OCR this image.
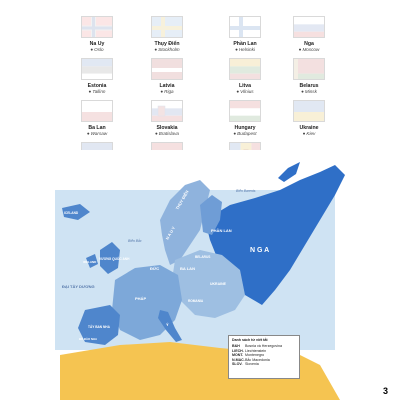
Na Uy
●Oslo
Thụy Điển
●Stockholm
Phần Lan
●Helsinki
Nga
●Moscow
Estonia
●Tallinn
Latvia
●Riga
Litva
●Vilnius
Belarus
●Minsk
Ba Lan
●Warsaw
Slovakia
●Bratislava
Hungary
●Budapest
Ukraine
●Kiev
N G A
PHẦN LAN
THỤY ĐIỂN
N A U Y
BA LAN
ĐỨC
VƯƠNG QUỐC ANH
ICELAND
IRELAND
PHÁP
TÂY BAN NHA
BỒ ĐÀO NHA
UKRAINE
BELARUS
ROMANIA
Ý
ĐẠI TÂY DƯƠNG
Biển Barents
Biển Bắc
Danh sách từ viết tắt
B&H	Bosnia và Herzegovina
LIECH. Liechtenstein
MONT. Montenegro
N.MAC. Bắc Macedonia
SLOV. Slovenia
3
